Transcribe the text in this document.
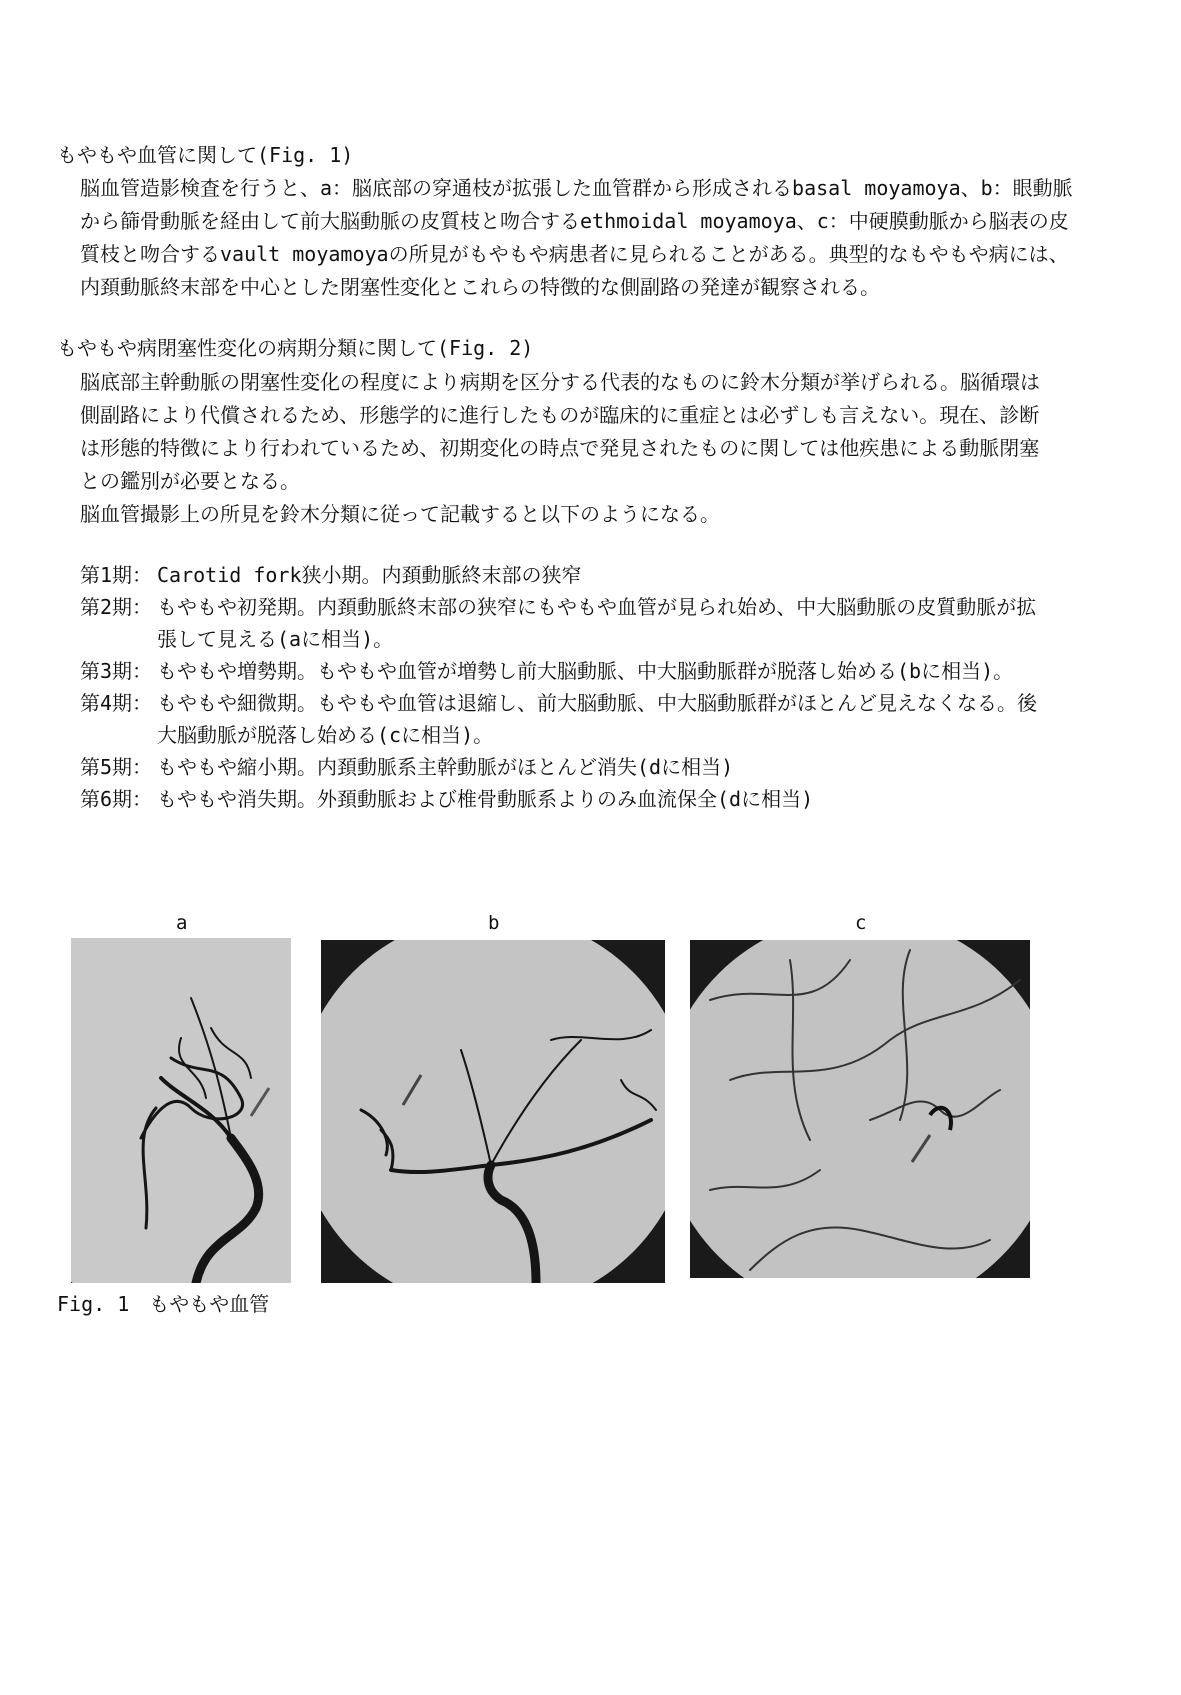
もやもや血管に関して(Fig. 1)
脳血管造影検査を行うと、a：脳底部の穿通枝が拡張した血管群から形成されるbasal moyamoya、b：眼動脈
から篩骨動脈を経由して前大脳動脈の皮質枝と吻合するethmoidal moyamoya、c：中硬膜動脈から脳表の皮
質枝と吻合するvault moyamoyaの所見がもやもや病患者に見られることがある。典型的なもやもや病には、
内頚動脈終末部を中心とした閉塞性変化とこれらの特徴的な側副路の発達が観察される。
もやもや病閉塞性変化の病期分類に関して(Fig. 2)
脳底部主幹動脈の閉塞性変化の程度により病期を区分する代表的なものに鈴木分類が挙げられる。脳循環は
側副路により代償されるため、形態学的に進行したものが臨床的に重症とは必ずしも言えない。現在、診断
は形態的特徴により行われているため、初期変化の時点で発見されたものに関しては他疾患による動脈閉塞
との鑑別が必要となる。
脳血管撮影上の所見を鈴木分類に従って記載すると以下のようになる。
第1期： Carotid fork狭小期。内頚動脈終末部の狭窄
第2期： もやもや初発期。内頚動脈終末部の狭窄にもやもや血管が見られ始め、中大脳動脈の皮質動脈が拡
張して見える(aに相当)。
第3期： もやもや増勢期。もやもや血管が増勢し前大脳動脈、中大脳動脈群が脱落し始める(bに相当)。
第4期： もやもや細微期。もやもや血管は退縮し、前大脳動脈、中大脳動脈群がほとんど見えなくなる。後
大脳動脈が脱落し始める(cに相当)。
第5期： もやもや縮小期。内頚動脈系主幹動脈がほとんど消失(dに相当)
第6期： もやもや消失期。外頚動脈および椎骨動脈系よりのみ血流保全(dに相当)
a	b	c
Fig. 1　もやもや血管
